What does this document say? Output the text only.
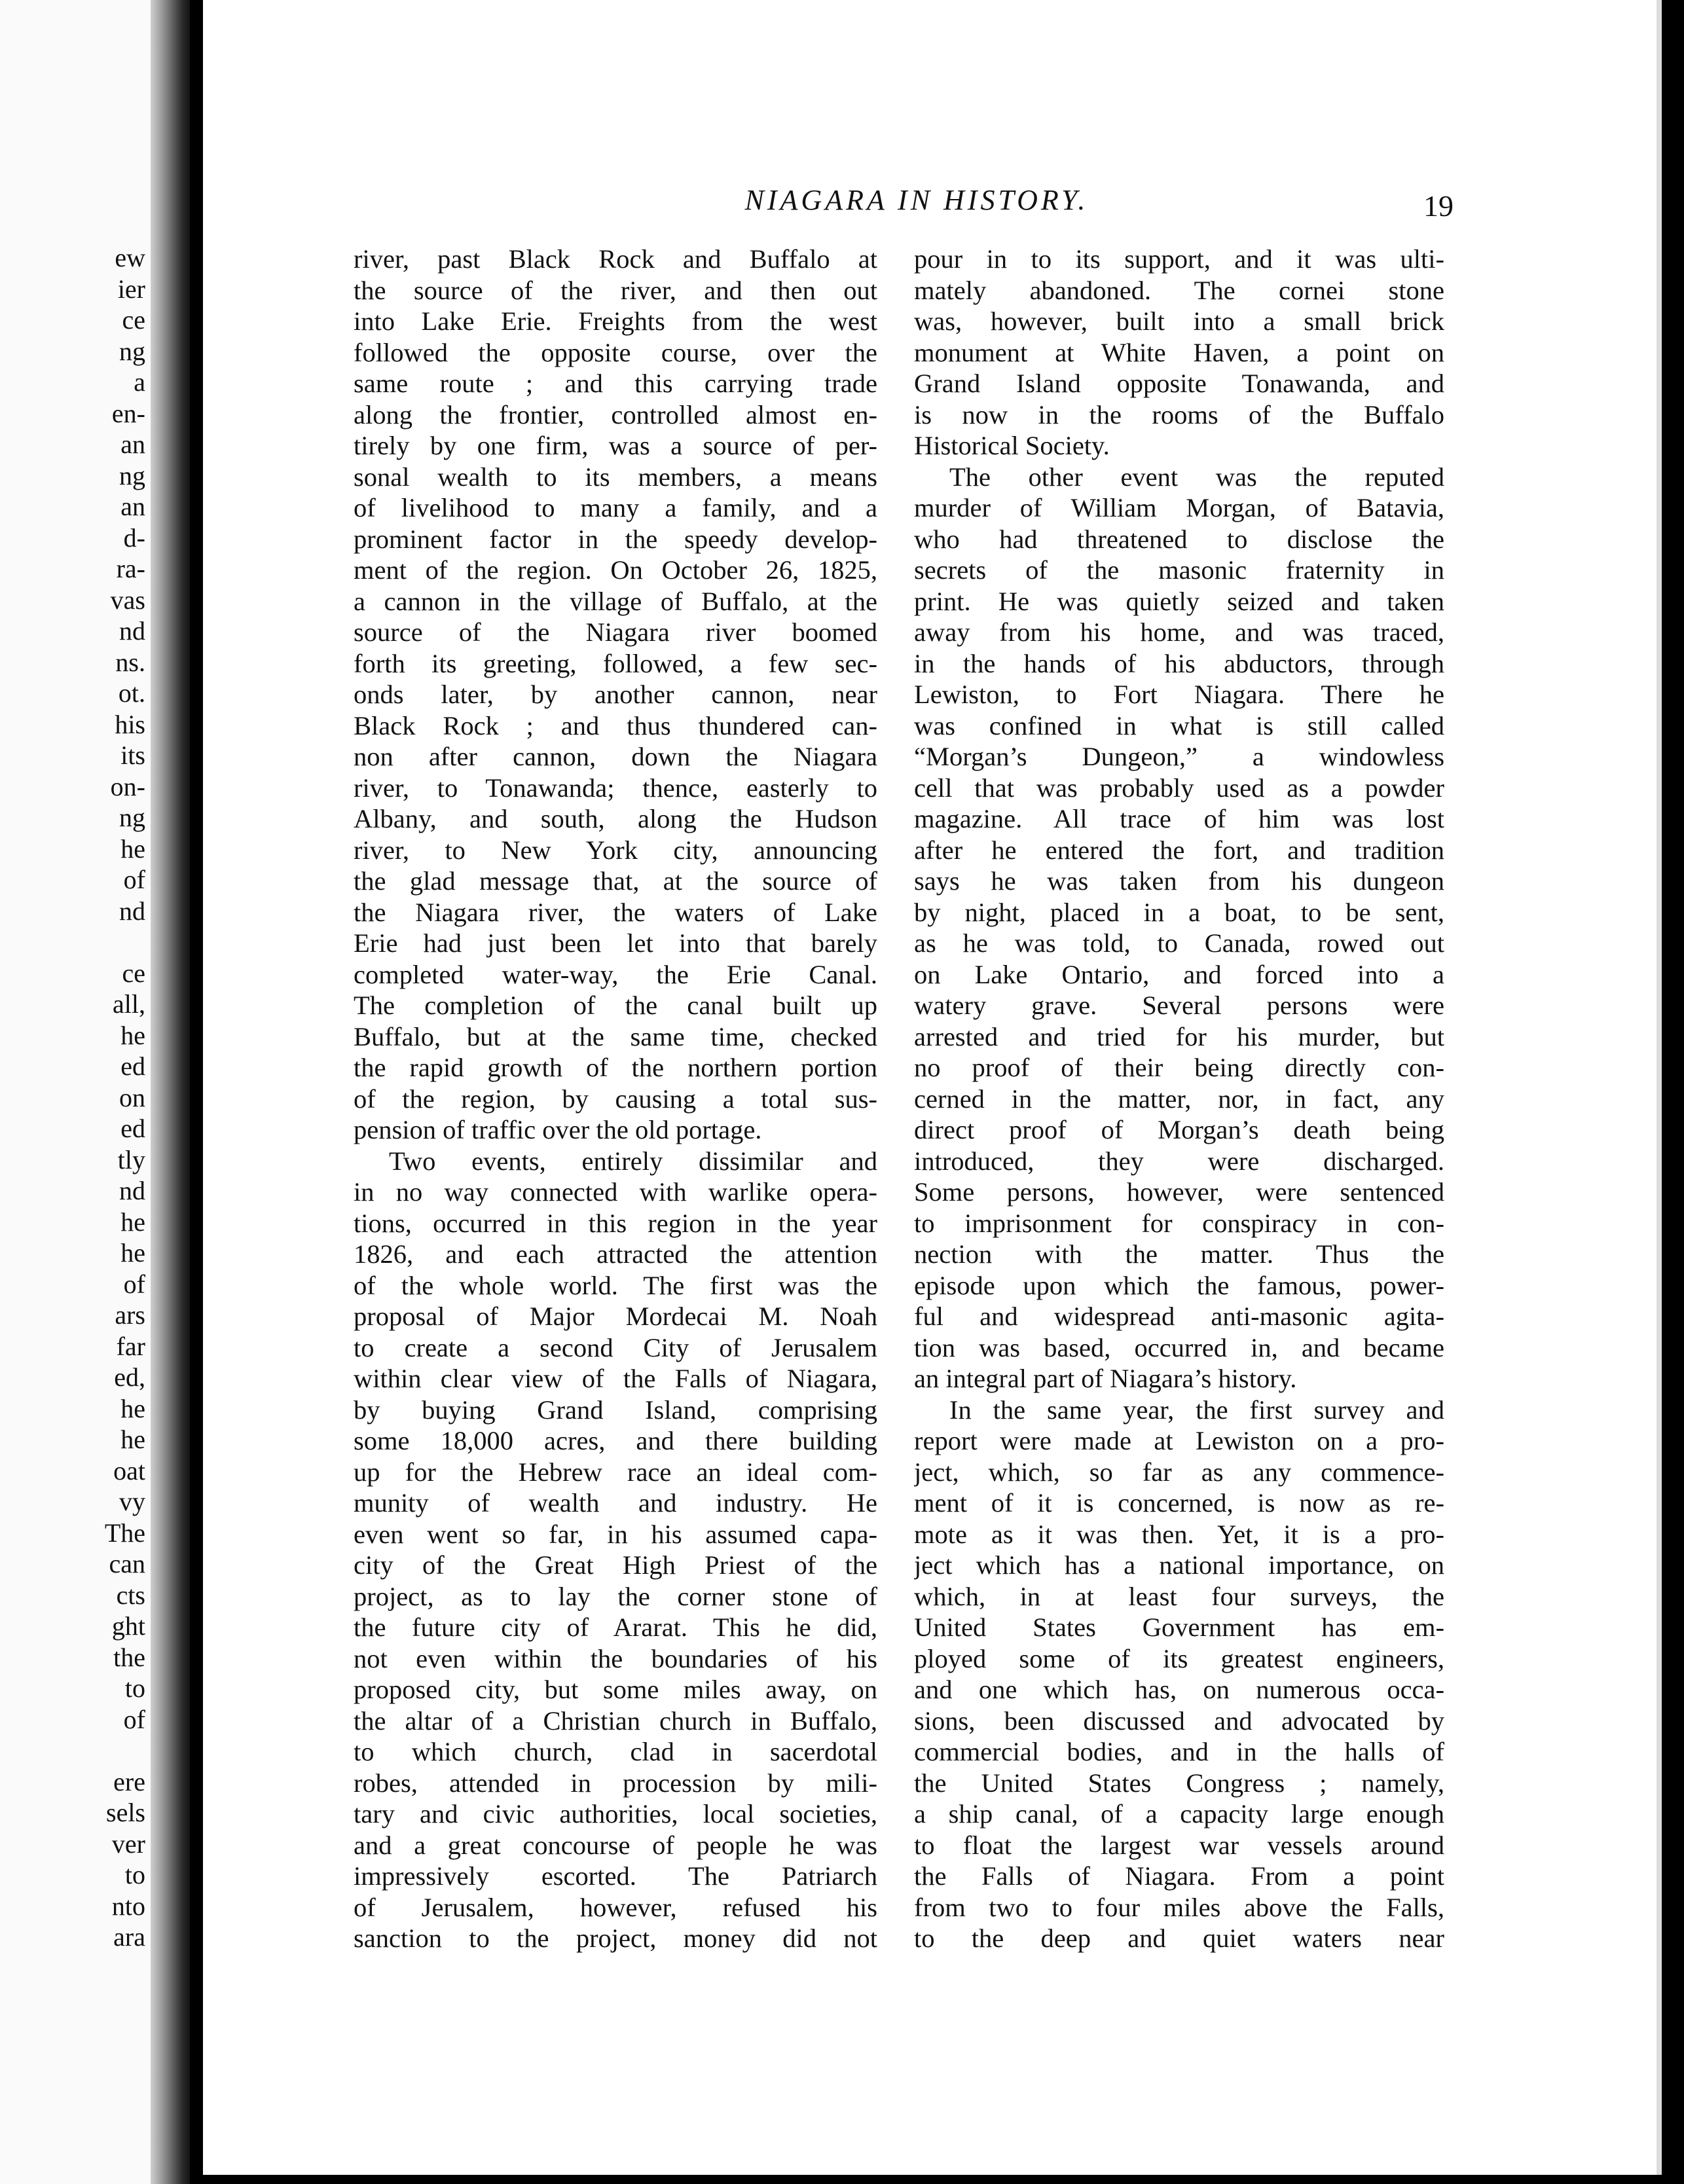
ew
ier
ce
ng
a
en-
an
ng
an
d-
ra-
vas
nd
ns.
ot.
his
its
on-
ng
he
of
nd
ce
all,
he
ed
on
ed
tly
nd
he
he
of
ars
far
ed,
he
he
oat
vy
The
can
cts
ght
the
to
of
ere
sels
ver
to
nto
ara
NIAGARA IN HISTORY.	19
river, past Black Rock and Buffalo at
the source of the river, and then out
into Lake Erie. Freights from the west
followed the opposite course, over the
same route ; and this carrying trade
along the frontier, controlled almost en-
tirely by one firm, was a source of per-
sonal wealth to its members, a means
of livelihood to many a family, and a
prominent factor in the speedy develop-
ment of the region. On October 26, 1825,
a cannon in the village of Buffalo, at the
source of the Niagara river boomed
forth its greeting, followed, a few sec-
onds later, by another cannon, near
Black Rock ; and thus thundered can-
non after cannon, down the Niagara
river, to Tonawanda; thence, easterly to
Albany, and south, along the Hudson
river, to New York city, announcing
the glad message that, at the source of
the Niagara river, the waters of Lake
Erie had just been let into that barely
completed water-way, the Erie Canal.
The completion of the canal built up
Buffalo, but at the same time, checked
the rapid growth of the northern portion
of the region, by causing a total sus-
pension of traffic over the old portage.
Two events, entirely dissimilar and
in no way connected with warlike opera-
tions, occurred in this region in the year
1826, and each attracted the attention
of the whole world. The first was the
proposal of Major Mordecai M. Noah
to create a second City of Jerusalem
within clear view of the Falls of Niagara,
by buying Grand Island, comprising
some 18,000 acres, and there building
up for the Hebrew race an ideal com-
munity of wealth and industry. He
even went so far, in his assumed capa-
city of the Great High Priest of the
project, as to lay the corner stone of
the future city of Ararat. This he did,
not even within the boundaries of his
proposed city, but some miles away, on
the altar of a Christian church in Buffalo,
to which church, clad in sacerdotal
robes, attended in procession by mili-
tary and civic authorities, local societies,
and a great concourse of people he was
impressively escorted. The Patriarch
of Jerusalem, however, refused his
sanction to the project, money did not
pour in to its support, and it was ulti-
mately abandoned. The cornei stone
was, however, built into a small brick
monument at White Haven, a point on
Grand Island opposite Tonawanda, and
is now in the rooms of the Buffalo
Historical Society.
The other event was the reputed
murder of William Morgan, of Batavia,
who had threatened to disclose the
secrets of the masonic fraternity in
print. He was quietly seized and taken
away from his home, and was traced,
in the hands of his abductors, through
Lewiston, to Fort Niagara. There he
was confined in what is still called
“Morgan’s Dungeon,” a windowless
cell that was probably used as a powder
magazine. All trace of him was lost
after he entered the fort, and tradition
says he was taken from his dungeon
by night, placed in a boat, to be sent,
as he was told, to Canada, rowed out
on Lake Ontario, and forced into a
watery grave. Several persons were
arrested and tried for his murder, but
no proof of their being directly con-
cerned in the matter, nor, in fact, any
direct proof of Morgan’s death being
introduced, they were discharged.
Some persons, however, were sentenced
to imprisonment for conspiracy in con-
nection with the matter. Thus the
episode upon which the famous, power-
ful and widespread anti-masonic agita-
tion was based, occurred in, and became
an integral part of Niagara’s history.
In the same year, the first survey and
report were made at Lewiston on a pro-
ject, which, so far as any commence-
ment of it is concerned, is now as re-
mote as it was then. Yet, it is a pro-
ject which has a national importance, on
which, in at least four surveys, the
United States Government has em-
ployed some of its greatest engineers,
and one which has, on numerous occa-
sions, been discussed and advocated by
commercial bodies, and in the halls of
the United States Congress ; namely,
a ship canal, of a capacity large enough
to float the largest war vessels around
the Falls of Niagara. From a point
from two to four miles above the Falls,
to the deep and quiet waters near
